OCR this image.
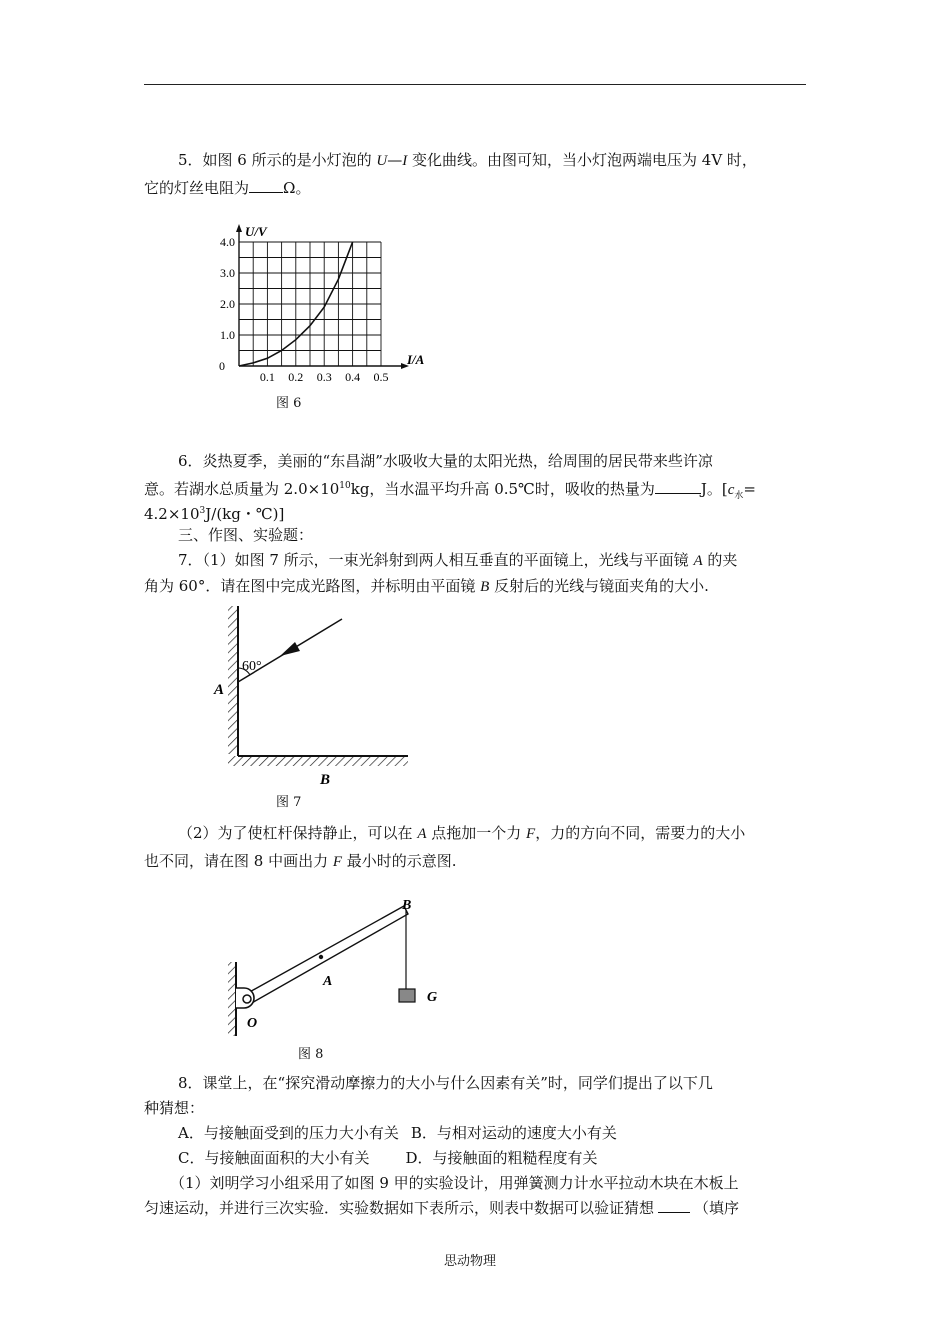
5．如图 6 所示的是小灯泡的 U—I 变化曲线。由图可知，当小灯泡两端电压为 4V 时，
它的灯丝电阻为 Ω。
0.1 0.2 0.3 0.4 0.5
1.0
2.0
3.0
4.0
0
U/V
I/A
图 6
6．炎热夏季，美丽的“东昌湖”水吸收大量的太阳光热，给周围的居民带来些许凉
意。若湖水总质量为 $2.0\times 10^{10}kg$，当水温平均升高 0.5℃时，吸收的热量为	J。[$c_水=$
$4.2\times 10^3J/(kg$・℃)]
三、作图、实验题：
7．（1）如图 7 所示，一束光斜射到两人相互垂直的平面镜上，光线与平面镜 A 的夹
角为 60°．请在图中完成光路图，并标明由平面镜 B 反射后的光线与镜面夹角的大小.
60°
A
B
图 7
（2）为了使杠杆保持静止，可以在 A 点拖加一个力 F，力的方向不同，需要力的大小
也不同，请在图 8 中画出力 F 最小时的示意图.
B
A
O
G
图 8
8．课堂上，在“探究滑动摩擦力的大小与什么因素有关”时，同学们提出了以下几
种猜想：
A．与接触面受到的压力大小有关 B．与相对运动的速度大小有关
C．与接触面面积的大小有关 D．与接触面的粗糙程度有关
（1）刘明学习小组采用了如图 9 甲的实验设计，用弹簧测力计水平拉动木块在木板上
匀速运动，并进行三次实验．实验数据如下表所示，则表中数据可以验证猜想	（填序
思动物理
